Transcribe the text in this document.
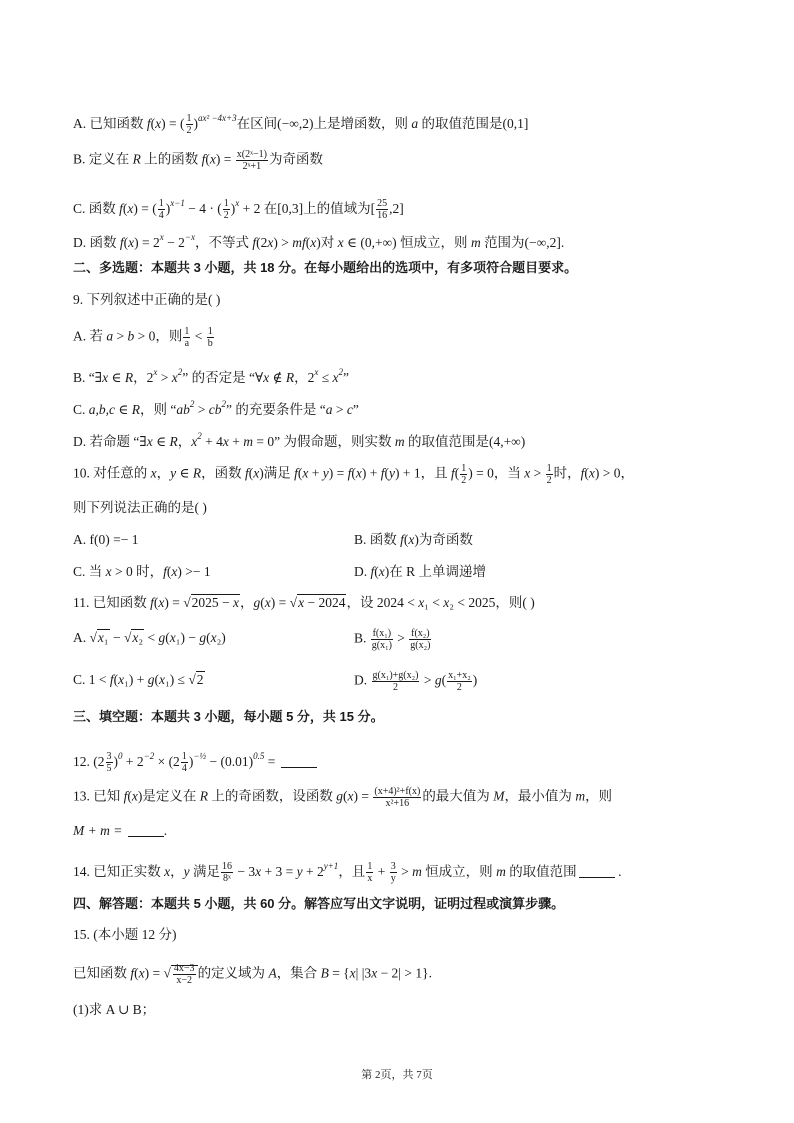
A. 已知函数 f(x) = ( $\frac{1}{2} )^{ax^2 -4x+3}$在区间(−∞,2)上是增函数，则 a 的取值范围是(0,1]
B. 定义在 R 上的函数 $f(x) = \frac{\text{x(2ˣ−1)}}{\text{2ˣ+1}}$ 为奇函数
C. 函数 f(x) = ( $\frac{1}{4} )^{x-1} - 4$ · ( $\frac{1}{2} )^x + 2$ 在[0,3]上的值域为[ $\frac{25}{16} ,2$]
D. 函数 $f(x) = 2^x - 2^{-x}$，不等式 f(2x) > mf(x)对 x ∈ (0,+∞) 恒成立，则 m 范围为(−∞,2].
二、多选题：本题共 3 小题，共 18 分。在每小题给出的选项中，有多项符合题目要求。
9. 下列叙述中正确的是( )
A. 若 a > b > 0，则 $\frac{1}{a} < \frac{1}{b}$
B. “∃x ∈ R，$2^x > x^2$” 的否定是 “∀x ∉ R，$2^x \le x^2$”
C. a,b,c ∈ R，则 “$ab^2 > cb^2$” 的充要条件是 “a > c”
D. 若命题 “∃x ∈ R，$x^2 + 4x + m = 0$” 为假命题，则实数 m 的取值范围是(4,+∞)
10. 对任意的 x，y ∈ R，函数 f(x)满足 f(x + y) = f(x) + f(y) + 1，且 $f( \frac{1}{2}$ ) = 0，当 $x > \frac{1}{2}$ 时，f(x) > 0，
则下列说法正确的是( )
A. f(0) =− 1	B. 函数 f(x)为奇函数
C. 当 x > 0 时，f(x) >− 1	D. f(x)在 R 上单调递增
11. 已知函数 f(x) = √2025 − x，g(x) = √x − 2024，设 2024 < x₁ < x₂ < 2025，则( )
A. √x₁ − √x₂ < g(x₁) − g(x₂)	B. $\frac{\text{f(x₁)}}{\text{g(x₁)}} > \frac{\text{f(x₂)}}{\text{g(x₂)}}$
C. 1 < f(x₁) + g(x₁) ≤ √2	D. $\frac{\text{g(x₁)+g(x₂)}}{2} > g( \frac{\text{x₁+x₂}}{2}$ )
三、填空题：本题共 3 小题，每小题 5 分，共 15 分。
12. $(2 \frac{3}{5} )^0 + 2^{-2} \times (2 \frac{1}{4} )^{-\frac{1}{2}} - (0.01)^{0.5}$ =
13. 已知 f(x)是定义在 R 上的奇函数，设函数 $g(x) = \frac{\text{(x+4)²+f(x)}}{\text{x²+16}}$ 的最大值为 M，最小值为 m，则
M + m =	.
14. 已知正实数 x，y 满足 $\frac{16}{\text{8ˣ}} - 3x + 3 = y + 2^{y+1}$，且 $\frac{1}{x} + \frac{3}{y} > m$ 恒成立，则 m 的取值范围	.
四、解答题：本题共 5 小题，共 60 分。解答应写出文字说明，证明过程或演算步骤。
15. (本小题 12 分)
已知函数 f(x) = √ $\frac{4x-3}{x-2}$ 的定义域为 A，集合 B = {x| |3x − 2| > 1}.
(1)求 A ∪ B；
第 2页，共 7页
